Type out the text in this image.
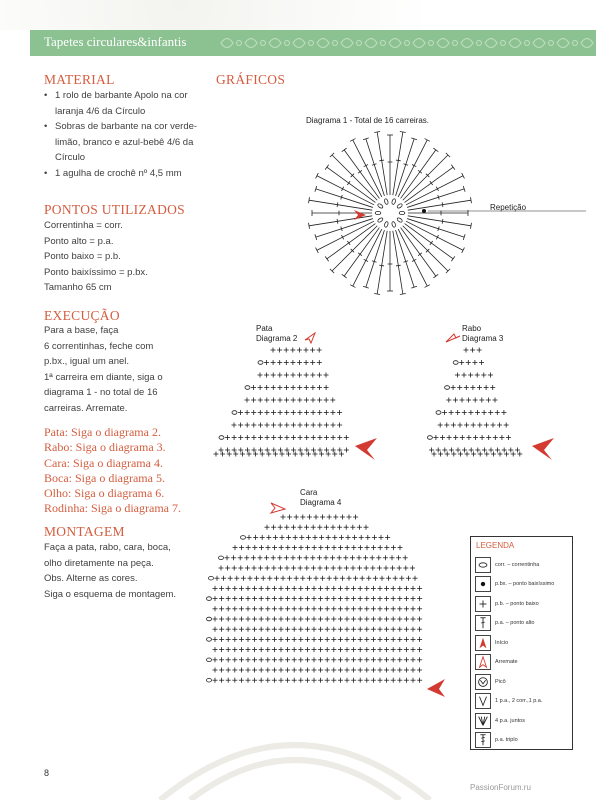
Tapetes circulares&infantis
MATERIAL
• 1 rolo de barbante Apolo na cor laranja 4/6 da Círculo
• Sobras de barbante na cor verde-limão, branco e azul-bebê 4/6 da Círculo
• 1 agulha de crochê nº 4,5 mm
PONTOS UTILIZADOS
Correntinha = corr.
Ponto alto = p.a.
Ponto baixo = p.b.
Ponto baixíssimo = p.bx.
Tamanho 65 cm
EXECUÇÃO
Para a base, faça
6 correntinhas, feche com
p.bx., igual um anel.
1ª carreira em diante, siga o
diagrama 1 - no total de 16
carreiras. Arremate.
Pata: Siga o diagrama 2.
Rabo: Siga o diagrama 3.
Cara: Siga o diagrama 4.
Boca: Siga o diagrama 5.
Olho: Siga o diagrama 6.
Rodinha: Siga o diagrama 7.
MONTAGEM
Faça a pata, rabo, cara, boca,
olho diretamente na peça.
Obs. Alterne as cores.
Siga o esquema de montagem.
GRÁFICOS
Diagrama 1 - Total de 16 carreiras.
Repetição
Pata
Diagrama 2
Rabo
Diagrama 3
Cara
Diagrama 4
LEGENDA
corr. – correntinha
p.bx. – ponto baixíssimo
p.b. – ponto baixo
p.a. – ponto alto
Início
Arremate
Picô
1 p.a., 2 corr.,1 p.a.
4 p.a. juntos
p.a. triplo
8
PassionForum.ru
